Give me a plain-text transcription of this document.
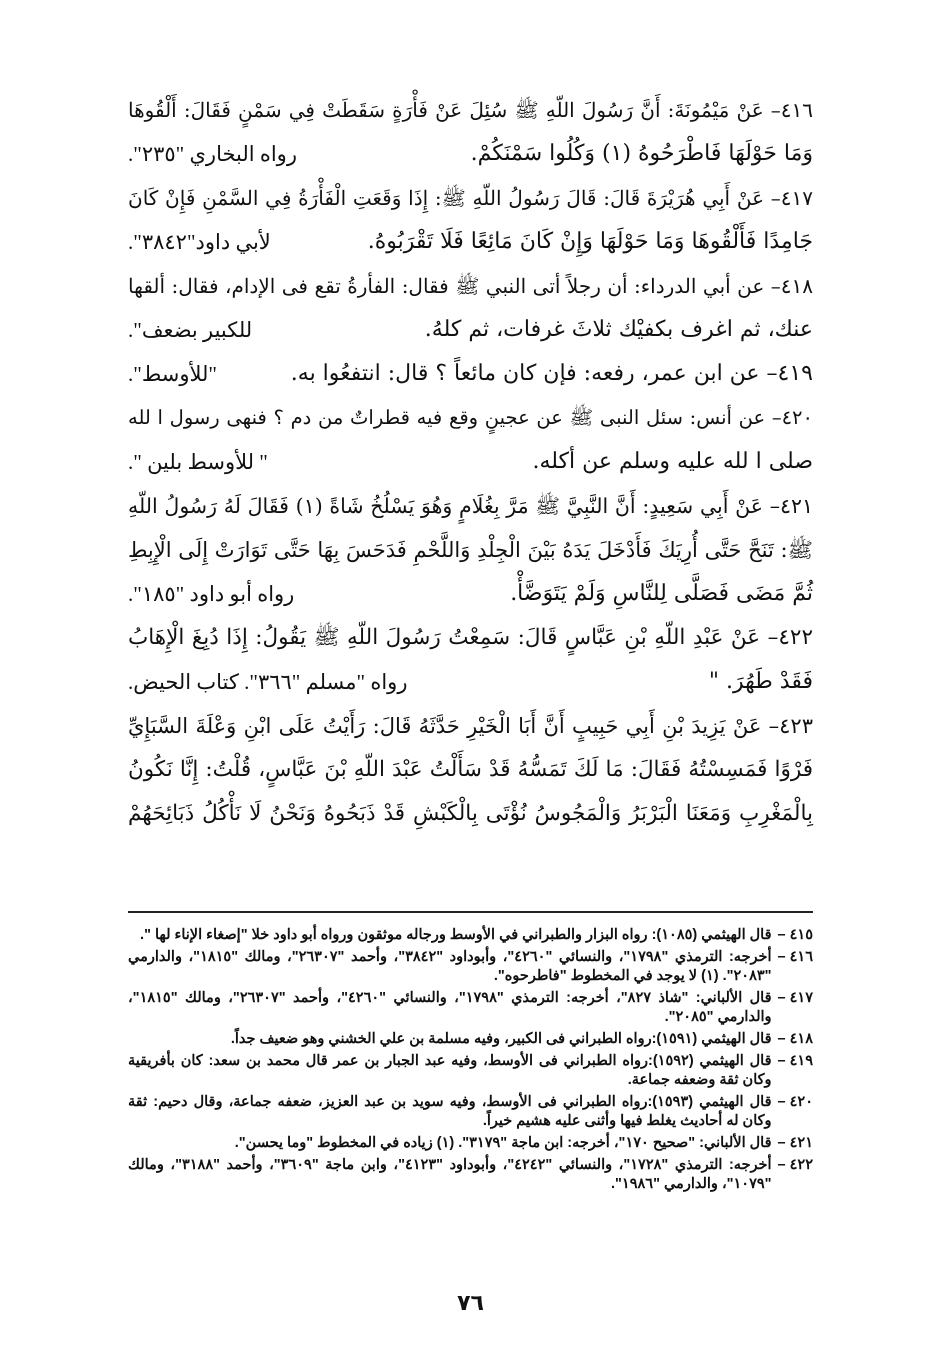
٤١٦– عَنْ مَيْمُونَةَ: أَنَّ رَسُولَ اللّهِ ﷺ سُئِلَ عَنْ فَأْرَةٍ سَقَطَتْ فِي سَمْنٍ فَقَالَ: أَلْقُوهَا
وَمَا حَوْلَهَا فَاطْرَحُوهُ (١) وَكُلُوا سَمْنَكُمْ.
رواه البخاري "٢٣٥".
٤١٧– عَنْ أَبِي هُرَيْرَةَ قَالَ: قَالَ رَسُولُ اللّهِ ﷺ: إِذَا وَقَعَتِ الْفَأْرَةُ فِي السَّمْنِ فَإِنْ كَانَ
جَامِدًا فَأَلْقُوهَا وَمَا حَوْلَهَا وَإِنْ كَانَ مَائِعًا فَلَا تَقْرَبُوهُ.
لأبي داود"٣٨٤٢".
٤١٨– عن أبي الدرداء: أن رجلاً أتى النبي ﷺ فقال: الفأرةُ تقع فى الإدام، فقال: ألقها
عنك، ثم اغرف بكفيْك ثلاثَ غرفات، ثم كلهُ.
للكبير بضعف".
٤١٩– عن ابن عمر، رفعه: فإن كان مائعاً ؟ قال: انتفعُوا به.
"للأوسط".
٤٢٠– عن أنس: سئل النبى ﷺ عن عجينٍ وقع فيه قطراتٌ من دم ؟ فنهى رسول ا لله
صلى ا لله عليه وسلم عن أكله.
" للأوسط بلين ".
٤٢١– عَنْ أَبِي سَعِيدٍ: أَنَّ النَّبِيَّ ﷺ مَرَّ بِغُلَامٍ وَهُوَ يَسْلُخُ شَاةً (١) فَقَالَ لَهُ رَسُولُ اللّهِ
ﷺ: تَنَحَّ حَتَّى أُرِيَكَ فَأَدْخَلَ يَدَهُ بَيْنَ الْجِلْدِ وَاللَّحْمِ فَدَحَسَ بِهَا حَتَّى تَوَارَتْ إِلَى الْإِبِطِ
ثُمَّ مَضَى فَصَلَّى لِلنَّاسِ وَلَمْ يَتَوَضَّأْ.
رواه أبو داود "١٨٥".
٤٢٢– عَنْ عَبْدِ اللّهِ بْنِ عَبَّاسٍ قَالَ: سَمِعْتُ رَسُولَ اللّهِ ﷺ يَقُولُ: إِذَا دُبِغَ الْإِهَابُ
فَقَدْ طَهُرَ. "
رواه "مسلم "٣٦٦". كتاب الحيض.
٤٢٣– عَنْ يَزِيدَ بْنِ أَبِي حَبِيبٍ أَنَّ أَبَا الْخَيْرِ حَدَّثَهُ قَالَ: رَأَيْتُ عَلَى ابْنِ وَعْلَةَ السَّبَإِيِّ
فَرْوًا فَمَسِسْتُهُ فَقَالَ: مَا لَكَ تَمَسُّهُ قَدْ سَأَلْتُ عَبْدَ اللّهِ بْنَ عَبَّاسٍ، قُلْتُ: إِنَّا نَكُونُ
بِالْمَغْرِبِ وَمَعَنَا الْبَرْبَرُ وَالْمَجُوسُ نُؤْتَى بِالْكَبْشِ قَدْ ذَبَحُوهُ وَنَحْنُ لَا نَأْكُلُ ذَبَائِحَهُمْ
٤١٥ –
قال الهيثمي (١٠٨٥): رواه البزار والطبراني في الأوسط ورجاله موثقون ورواه أبو داود خلا "إصغاء الإناء لها ".
٤١٦ –
أخرجه: الترمذي "١٧٩٨"، والنسائي "٤٢٦٠"، وأبوداود "٣٨٤٢"، وأحمد "٢٦٣٠٧"، ومالك "١٨١٥"، والدارمي "٢٠٨٣". (١) لا يوجد في المخطوط "فاطرحوه".
٤١٧ –
قال الألباني: "شاذ ٨٢٧"، أخرجه: الترمذي "١٧٩٨"، والنسائي "٤٢٦٠"، وأحمد "٢٦٣٠٧"، ومالك "١٨١٥"، والدارمي "٢٠٨٥".
٤١٨ –
قال الهيثمي (١٥٩١):رواه الطبراني فى الكبير، وفيه مسلمة بن علي الخشني وهو ضعيف جداً.
٤١٩ –
قال الهيثمي (١٥٩٢):رواه الطبراني فى الأوسط، وفيه عبد الجبار بن عمر قال محمد بن سعد: كان بأفريقية وكان ثقة وضعفه جماعة.
٤٢٠ –
قال الهيثمي (١٥٩٣):رواه الطبراني فى الأوسط، وفيه سويد بن عبد العزيز، ضعفه جماعة، وقال دحيم: ثقة وكان له أحاديث يغلط فيها وأثنى عليه هشيم خيراً.
٤٢١ –
قال الألباني: "صحيح ١٧٠"، أخرجه: ابن ماجة "٣١٧٩". (١) زياده في المخطوط "وما يحسن".
٤٢٢ –
أخرجه: الترمذي "١٧٢٨"، والنسائي "٤٢٤٢"، وأبوداود "٤١٢٣"، وابن ماجة "٣٦٠٩"، وأحمد "٣١٨٨"، ومالك "١٠٧٩"، والدارمي "١٩٨٦".
٧٦
